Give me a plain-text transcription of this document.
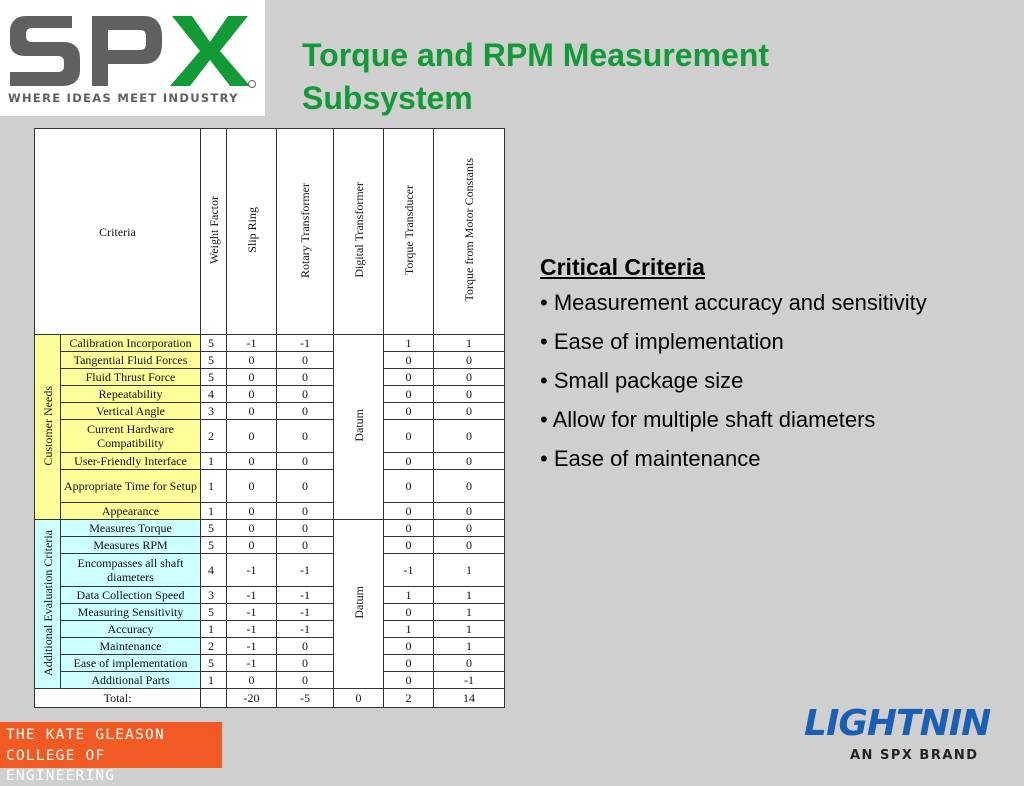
WHERE IDEAS MEET INDUSTRY
Torque and RPM Measurement Subsystem
Criteria		Weight Factor	Slip Ring	Rotary Transformer	Digital Transformer	Torque Transducer	Torque from Motor Constants
Customer Needs	Calibration Incorporation	5	-1	-1	Datum	1	1
	Tangential Fluid Forces	5	0	0		0	0
	Fluid Thrust Force	5	0	0		0	0
	Repeatability	4	0	0		0	0
	Vertical Angle	3	0	0		0	0
	Current Hardware Compatibility	2	0	0		0	0
	User-Friendly Interface	1	0	0		0	0
	Appropriate Time for Setup	1	0	0		0	0
	Appearance	1	0	0		0	0
Additional Evaluation Criteria	Measures Torque	5	0	0	Datum	0	0
	Measures RPM	5	0	0		0	0
	Encompasses all shaft diameters	4	-1	-1		-1	1
	Data Collection Speed	3	-1	-1		1	1
	Measuring Sensitivity	5	-1	-1		0	1
	Accuracy	1	-1	-1		1	1
	Maintenance	2	-1	0		0	1
	Ease of implementation	5	-1	0		0	0
	Additional Parts	1	0	0		0	-1
Total:			-20	-5	0	2	14
Critical Criteria
• Measurement accuracy and sensitivity
• Ease of implementation
• Small package size
• Allow for multiple shaft diameters
• Ease of maintenance
THE KATE GLEASON
COLLEGE OF ENGINEERING
LIGHTNIN
AN SPX BRAND
